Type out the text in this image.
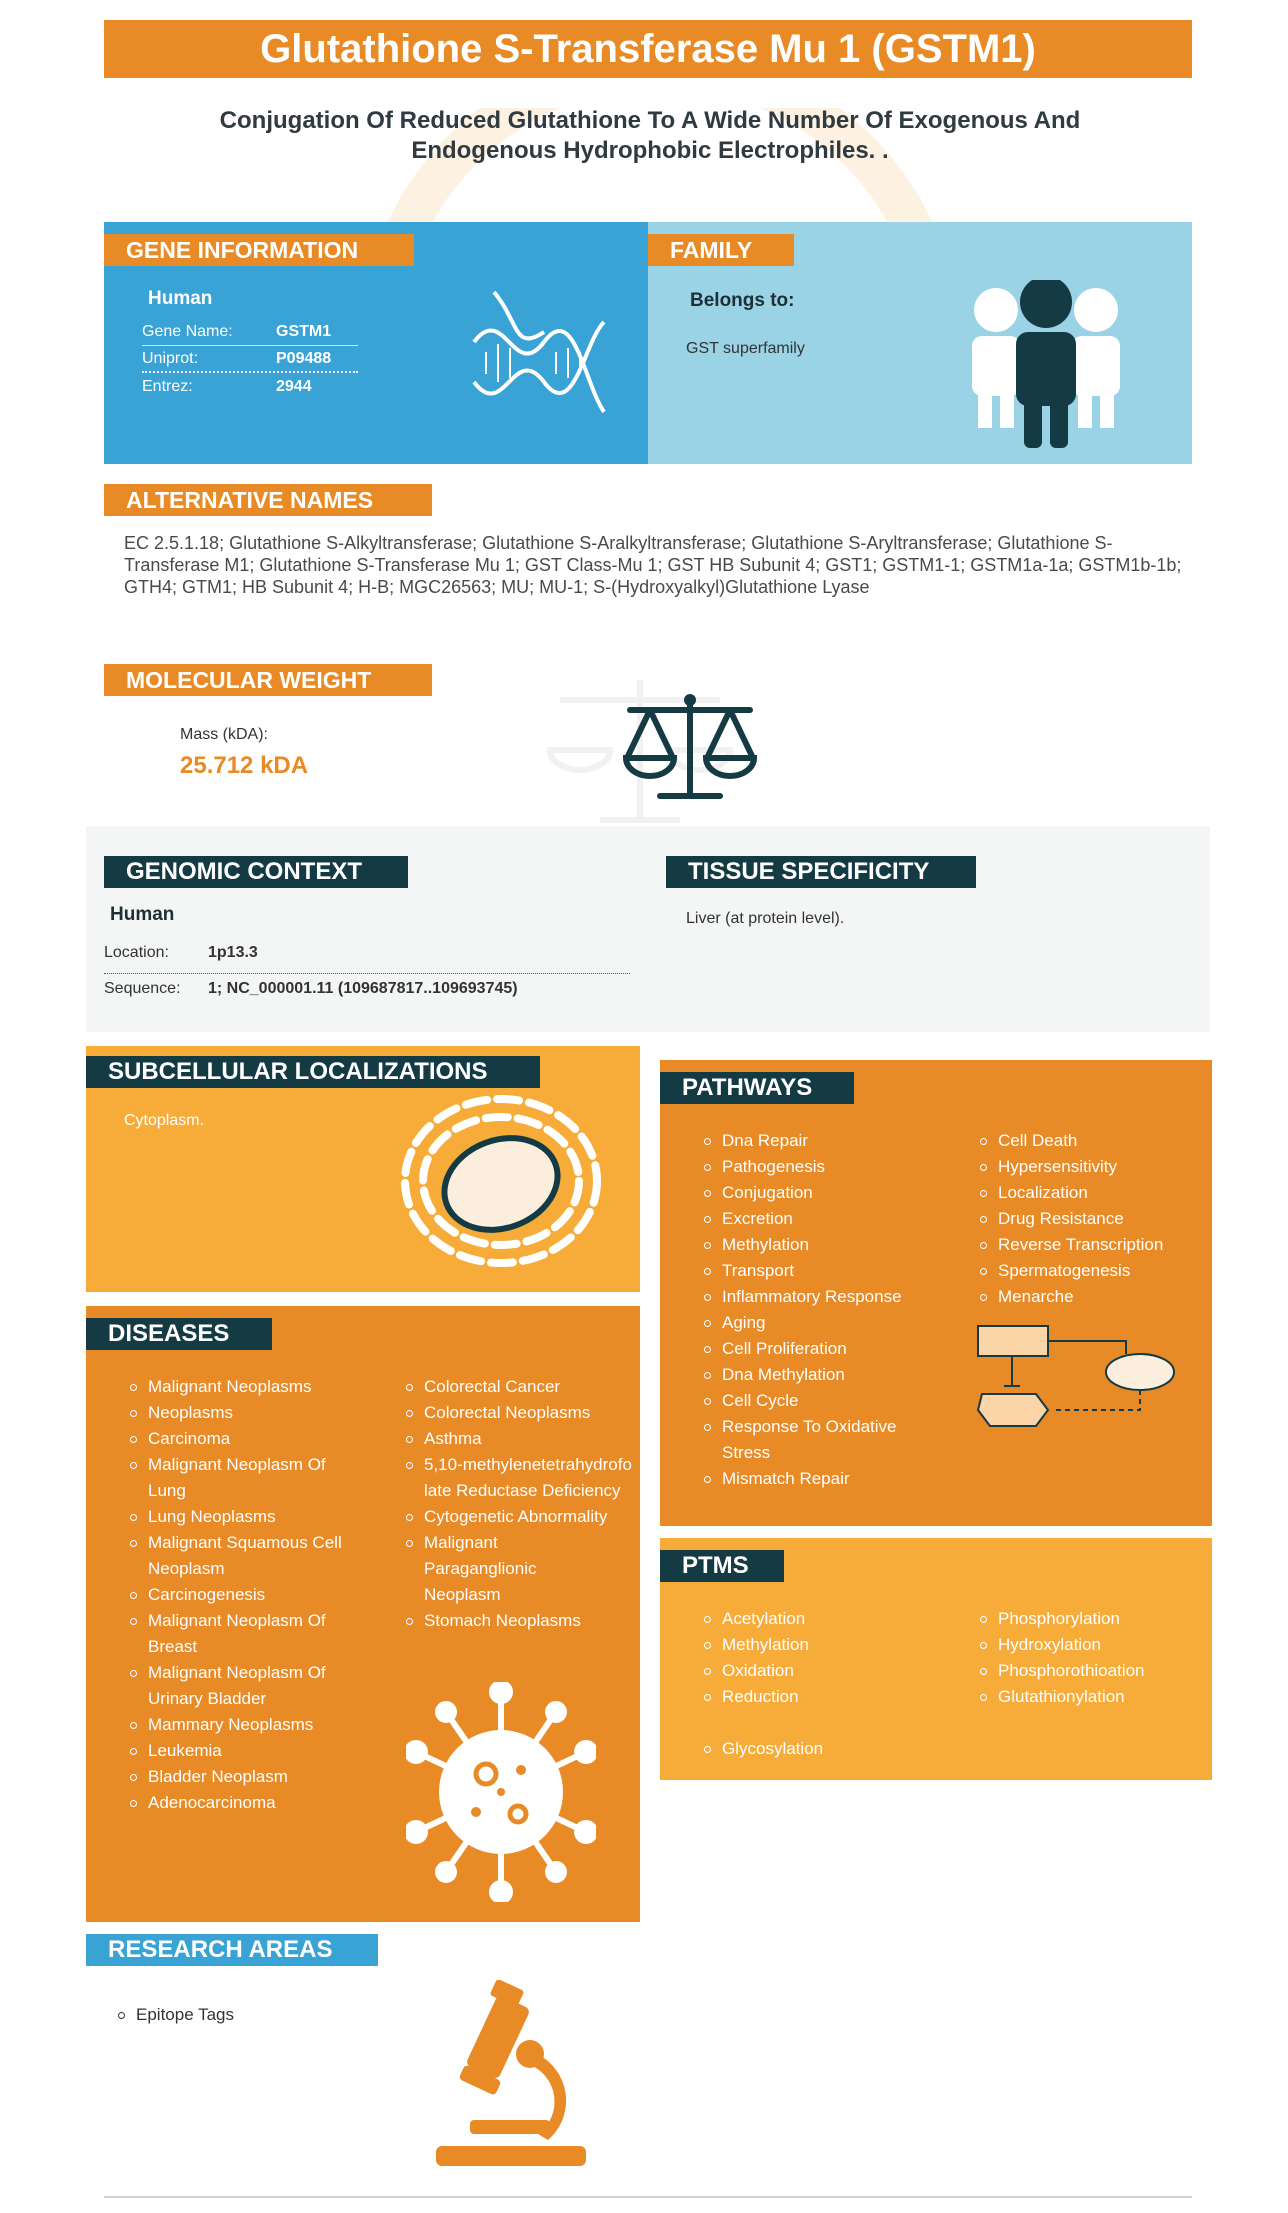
Glutathione S-Transferase Mu 1 (GSTM1)
Conjugation Of Reduced Glutathione To A Wide Number Of Exogenous And Endogenous Hydrophobic Electrophiles. .
GENE INFORMATION
Human
Gene Name:	GSTM1
Uniprot:	P09488
Entrez:	2944
FAMILY
Belongs to:
GST superfamily
ALTERNATIVE NAMES
EC 2.5.1.18; Glutathione S-Alkyltransferase; Glutathione S-Aralkyltransferase; Glutathione S-Aryltransferase; Glutathione S-Transferase M1; Glutathione S-Transferase Mu 1; GST Class-Mu 1; GST HB Subunit 4; GST1; GSTM1-1; GSTM1a-1a; GSTM1b-1b; GTH4; GTM1; HB Subunit 4; H-B; MGC26563; MU; MU-1; S-(Hydroxyalkyl)Glutathione Lyase
MOLECULAR WEIGHT
Mass (kDA):
25.712 kDA
GENOMIC CONTEXT
Human
Location: 1p13.3
Sequence: 1; NC_000001.11 (109687817..109693745)
TISSUE SPECIFICITY
Liver (at protein level).
SUBCELLULAR LOCALIZATIONS
Cytoplasm.
PATHWAYS
Dna Repair
Pathogenesis
Conjugation
Excretion
Methylation
Transport
Inflammatory Response
Aging
Cell Proliferation
Dna Methylation
Cell Cycle
Response To Oxidative Stress
Mismatch Repair
Cell Death
Hypersensitivity
Localization
Drug Resistance
Reverse Transcription
Spermatogenesis
Menarche
DISEASES
Malignant Neoplasms
Neoplasms
Carcinoma
Malignant Neoplasm Of Lung
Lung Neoplasms
Malignant Squamous Cell Neoplasm
Carcinogenesis
Malignant Neoplasm Of Breast
Malignant Neoplasm Of Urinary Bladder
Mammary Neoplasms
Leukemia
Bladder Neoplasm
Adenocarcinoma
Colorectal Cancer
Colorectal Neoplasms
Asthma
5,10-methylenetetrahydrofolate Reductase Deficiency
Cytogenetic Abnormality
Malignant Paraganglionic Neoplasm
Stomach Neoplasms
PTMS
Acetylation
Methylation
Oxidation
Reduction
Phosphorylation
Hydroxylation
Phosphorothioation
Glutathionylation
Glycosylation
RESEARCH AREAS
Epitope Tags
